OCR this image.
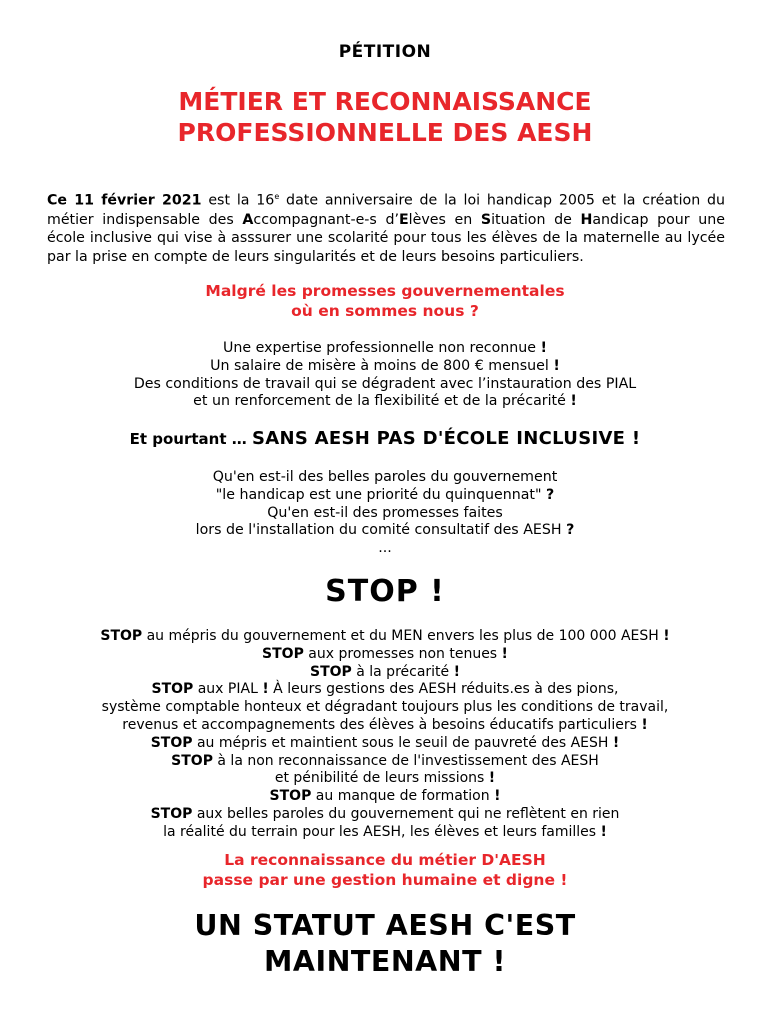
PÉTITION
MÉTIER ET RECONNAISSANCE
PROFESSIONNELLE DES AESH

Ce 11 février 2021 est la 16e date anniversaire de la loi handicap 2005 et la création du métier indispensable des Accompagnant-e-s d’Elèves en Situation de Handicap pour une école inclusive qui vise à asssurer une scolarité pour tous les élèves de la maternelle au lycée par la prise en compte de leurs singularités et de leurs besoins particuliers.

Malgré les promesses gouvernementales
où en sommes nous ?
Une expertise professionnelle non reconnue !
Un salaire de misère à moins de 800 € mensuel !
Des conditions de travail qui se dégradent avec l’instauration des PIAL
et un renforcement de la flexibilité et de la précarité !
Et pourtant … SANS AESH PAS D'ÉCOLE INCLUSIVE !
Qu'en est-il des belles paroles du gouvernement
"le handicap est une priorité du quinquennat" ?
Qu'en est-il des promesses faites
lors de l'installation du comité consultatif des AESH ?
...
STOP !
STOP au mépris du gouvernement et du MEN envers les plus de 100 000 AESH !
STOP aux promesses non tenues !
STOP à la précarité !
STOP aux PIAL ! À leurs gestions des AESH réduits.es à des pions,
système comptable honteux et dégradant toujours plus les conditions de travail,
revenus et accompagnements des élèves à besoins éducatifs particuliers !
STOP au mépris et maintient sous le seuil de pauvreté des AESH !
STOP à la non reconnaissance de l'investissement des AESH
et pénibilité de leurs missions !
STOP au manque de formation !
STOP aux belles paroles du gouvernement qui ne reflètent en rien
la réalité du terrain pour les AESH, les élèves et leurs familles !
La reconnaissance du métier D'AESH
passe par une gestion humaine et digne !
UN STATUT AESH C'EST
MAINTENANT !
